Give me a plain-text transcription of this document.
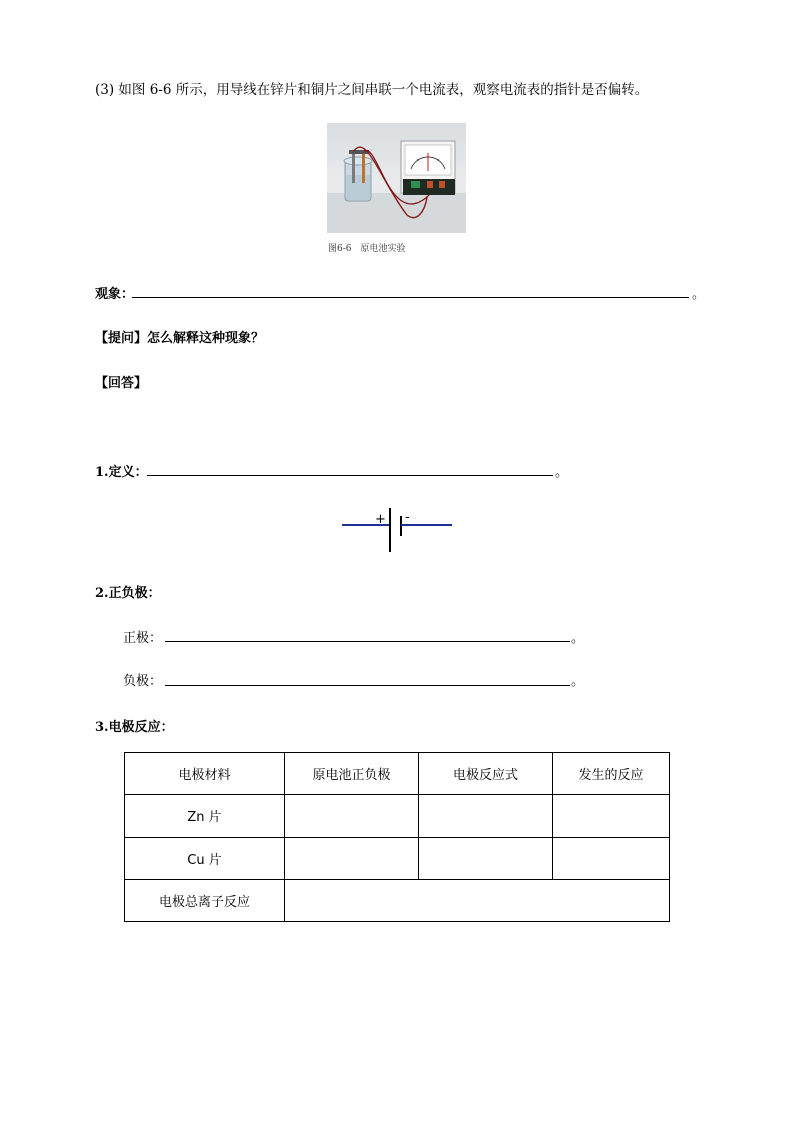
(3) 如图 6-6 所示，用导线在锌片和铜片之间串联一个电流表，观察电流表的指针是否偏转。
图6-6　原电池实验
观象：	。
【提问】怎么解释这种现象？
【回答】
1.定义：	。
+ -
2.正负极：
正极：	。
负极：	。
3.电极反应：
电极材料	原电池正负极	电极反应式	发生的反应
Zn 片			
Cu 片			
电极总离子反应			
